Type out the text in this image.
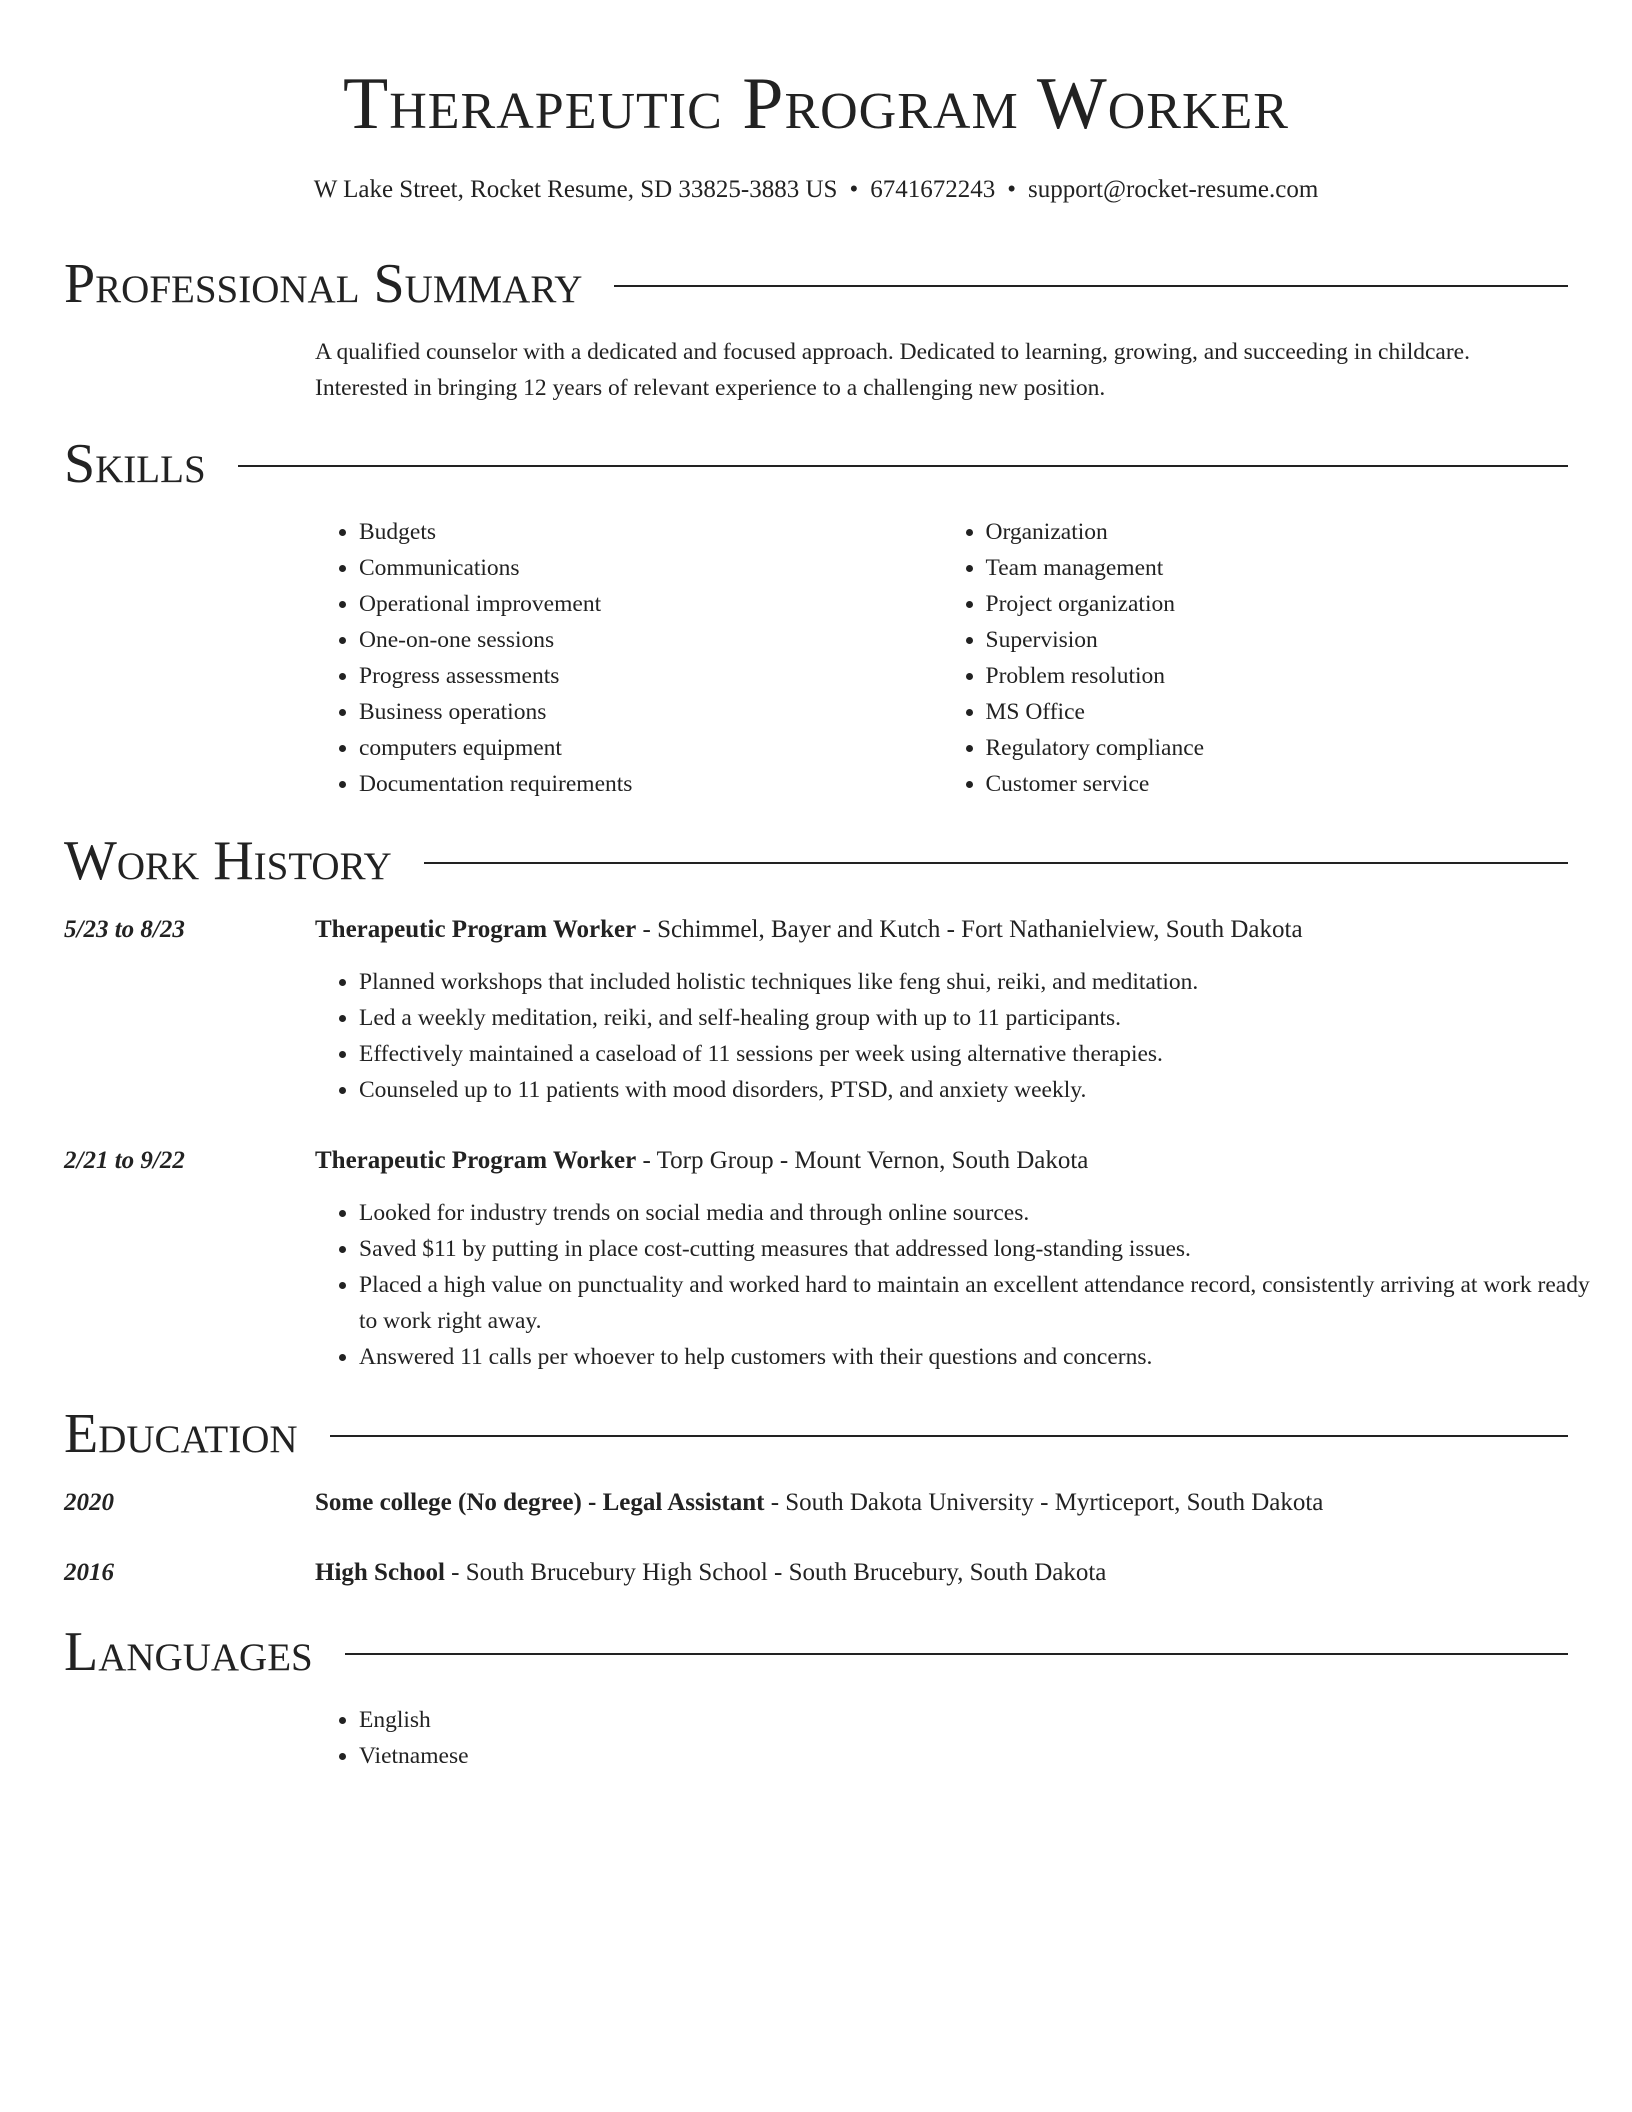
Therapeutic Program Worker
W Lake Street, Rocket Resume, SD 33825-3883 US • 6741672243 • support@rocket-resume.com
Professional Summary
A qualified counselor with a dedicated and focused approach. Dedicated to learning, growing, and succeeding in childcare. Interested in bringing 12 years of relevant experience to a challenging new position.
Skills
• Budgets
• Communications
• Operational improvement
• One-on-one sessions
• Progress assessments
• Business operations
• computers equipment
• Documentation requirements
• Organization
• Team management
• Project organization
• Supervision
• Problem resolution
• MS Office
• Regulatory compliance
• Customer service
Work History
5/23 to 8/23	Therapeutic Program Worker - Schimmel, Bayer and Kutch - Fort Nathanielview, South Dakota
• Planned workshops that included holistic techniques like feng shui, reiki, and meditation.
• Led a weekly meditation, reiki, and self-healing group with up to 11 participants.
• Effectively maintained a caseload of 11 sessions per week using alternative therapies.
• Counseled up to 11 patients with mood disorders, PTSD, and anxiety weekly.
2/21 to 9/22	Therapeutic Program Worker - Torp Group - Mount Vernon, South Dakota
• Looked for industry trends on social media and through online sources.
• Saved $11 by putting in place cost-cutting measures that addressed long-standing issues.
• Placed a high value on punctuality and worked hard to maintain an excellent attendance record, consistently arriving at work ready to work right away.
• Answered 11 calls per whoever to help customers with their questions and concerns.
Education
2020	Some college (No degree) - Legal Assistant - South Dakota University - Myrticeport, South Dakota
2016	High School - South Brucebury High School - South Brucebury, South Dakota
Languages
• English
• Vietnamese
